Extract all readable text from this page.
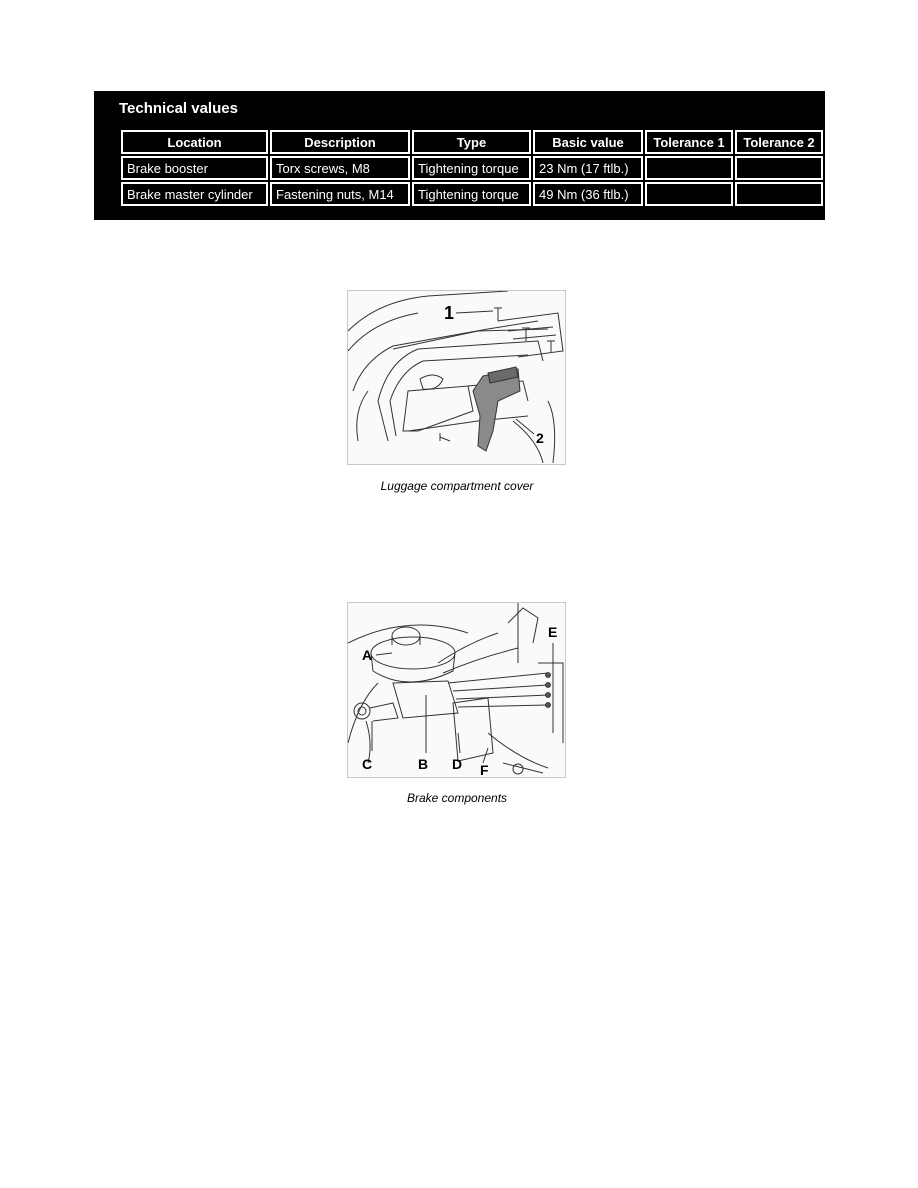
Technical values
Location	Description	Type	Basic value	Tolerance 1	Tolerance 2
Brake booster	Torx screws, M8	Tightening torque	23 Nm (17 ftlb.)		
Brake master cylinder	Fastening nuts, M14	Tightening torque	49 Nm (36 ftlb.)		
1
2
Luggage compartment cover
A
B
C	D
E
F
Brake components
